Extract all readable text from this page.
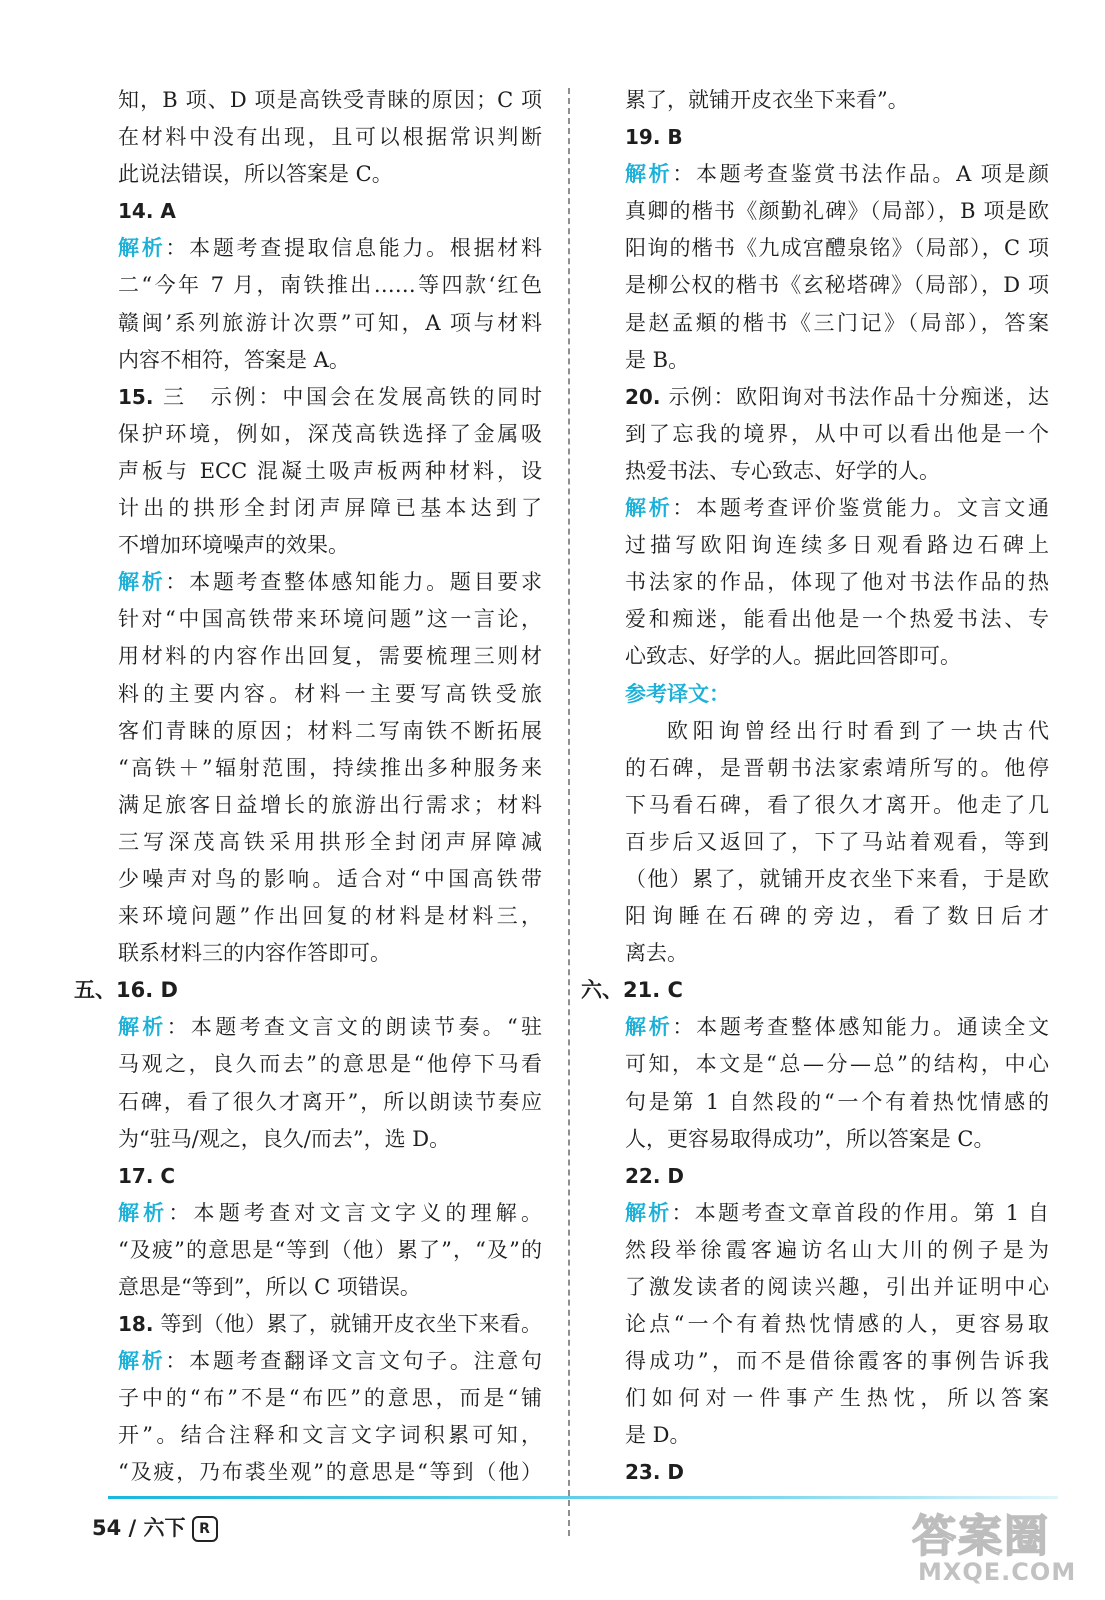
知，B 项、D 项是高铁受青睐的原因；C 项
在材料中没有出现，且可以根据常识判断
此说法错误，所以答案是 C。
14. A
解析：本题考查提取信息能力。根据材料
二“今年 7 月，南铁推出……等四款‘红色
赣闽’系列旅游计次票”可知，A 项与材料
内容不相符，答案是 A。
15. 三　示例：中国会在发展高铁的同时
保护环境，例如，深茂高铁选择了金属吸
声板与 ECC 混凝土吸声板两种材料，设
计出的拱形全封闭声屏障已基本达到了
不增加环境噪声的效果。
解析：本题考查整体感知能力。题目要求
针对“中国高铁带来环境问题”这一言论，
用材料的内容作出回复，需要梳理三则材
料的主要内容。材料一主要写高铁受旅
客们青睐的原因；材料二写南铁不断拓展
“高铁＋”辐射范围，持续推出多种服务来
满足旅客日益增长的旅游出行需求；材料
三写深茂高铁采用拱形全封闭声屏障减
少噪声对鸟的影响。适合对“中国高铁带
来环境问题”作出回复的材料是材料三，
联系材料三的内容作答即可。
五、16. D
解析：本题考查文言文的朗读节奏。“驻
马观之，良久而去”的意思是“他停下马看
石碑，看了很久才离开”，所以朗读节奏应
为“驻马/观之，良久/而去”，选 D。
17. C
解析：本题考查对文言文字义的理解。
“及疲”的意思是“等到（他）累了”，“及”的
意思是“等到”，所以 C 项错误。
18. 等到（他）累了，就铺开皮衣坐下来看。
解析：本题考查翻译文言文句子。注意句
子中的“布”不是“布匹”的意思，而是“铺
开”。结合注释和文言文字词积累可知，
“及疲，乃布裘坐观”的意思是“等到（他）
累了，就铺开皮衣坐下来看”。
19. B
解析：本题考查鉴赏书法作品。A 项是颜
真卿的楷书《颜勤礼碑》（局部），B 项是欧
阳询的楷书《九成宫醴泉铭》（局部），C 项
是柳公权的楷书《玄秘塔碑》（局部），D 项
是赵孟頫的楷书《三门记》（局部），答案
是 B。
20. 示例：欧阳询对书法作品十分痴迷，达
到了忘我的境界，从中可以看出他是一个
热爱书法、专心致志、好学的人。
解析：本题考查评价鉴赏能力。文言文通
过描写欧阳询连续多日观看路边石碑上
书法家的作品，体现了他对书法作品的热
爱和痴迷，能看出他是一个热爱书法、专
心致志、好学的人。据此回答即可。
参考译文：
欧阳询曾经出行时看到了一块古代
的石碑，是晋朝书法家索靖所写的。他停
下马看石碑，看了很久才离开。他走了几
百步后又返回了，下了马站着观看，等到
（他）累了，就铺开皮衣坐下来看，于是欧
阳询睡在石碑的旁边，看了数日后才
离去。
六、21. C
解析：本题考查整体感知能力。通读全文
可知，本文是“总—分—总”的结构，中心
句是第 1 自然段的“一个有着热忱情感的
人，更容易取得成功”，所以答案是 C。
22. D
解析：本题考查文章首段的作用。第 1 自
然段举徐霞客遍访名山大川的例子是为
了激发读者的阅读兴趣，引出并证明中心
论点“一个有着热忱情感的人，更容易取
得成功”，而不是借徐霞客的事例告诉我
们如何对一件事产生热忱，所以答案
是 D。
23. D
54 / 六下 R	答案圈
MXQE.COM
